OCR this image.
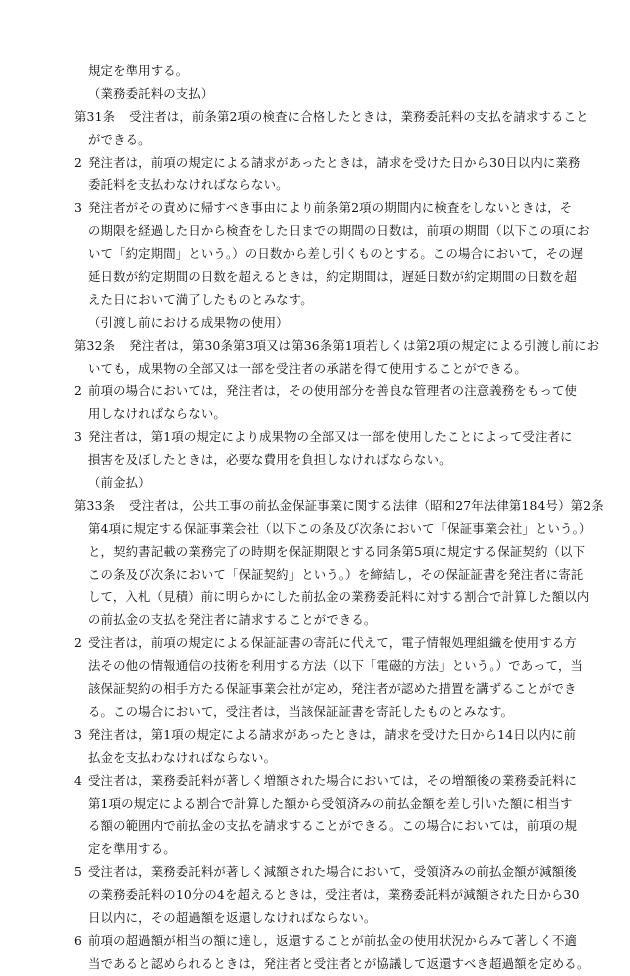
規定を準用する。
（業務委託料の支払）
第31条 受注者は，前条第2項の検査に合格したときは，業務委託料の支払を請求すること
ができる。
2 発注者は，前項の規定による請求があったときは，請求を受けた日から30日以内に業務
委託料を支払わなければならない。
3 発注者がその責めに帰すべき事由により前条第2項の期間内に検査をしないときは，そ
の期限を経過した日から検査をした日までの期間の日数は，前項の期間（以下この項にお
いて「約定期間」という。）の日数から差し引くものとする。この場合において，その遅
延日数が約定期間の日数を超えるときは，約定期間は，遅延日数が約定期間の日数を超
えた日において満了したものとみなす。
（引渡し前における成果物の使用）
第32条 発注者は，第30条第3項又は第36条第1項若しくは第2項の規定による引渡し前にお
いても，成果物の全部又は一部を受注者の承諾を得て使用することができる。
2 前項の場合においては，発注者は，その使用部分を善良な管理者の注意義務をもって使
用しなければならない。
3 発注者は，第1項の規定により成果物の全部又は一部を使用したことによって受注者に
損害を及ぼしたときは，必要な費用を負担しなければならない。
（前金払）
第33条 受注者は，公共工事の前払金保証事業に関する法律（昭和27年法律第184号）第2条
第4項に規定する保証事業会社（以下この条及び次条において「保証事業会社」という。）
と，契約書記載の業務完了の時期を保証期限とする同条第5項に規定する保証契約（以下
この条及び次条において「保証契約」という。）を締結し，その保証証書を発注者に寄託
して，入札（見積）前に明らかにした前払金の業務委託料に対する割合で計算した額以内
の前払金の支払を発注者に請求することができる。
2 受注者は，前項の規定による保証証書の寄託に代えて，電子情報処理組織を使用する方
法その他の情報通信の技術を利用する方法（以下「電磁的方法」という。）であって，当
該保証契約の相手方たる保証事業会社が定め，発注者が認めた措置を講ずることができ
る。この場合において，受注者は，当該保証証書を寄託したものとみなす。
3 発注者は，第1項の規定による請求があったときは，請求を受けた日から14日以内に前
払金を支払わなければならない。
4 受注者は，業務委託料が著しく増額された場合においては，その増額後の業務委託料に
第1項の規定による割合で計算した額から受領済みの前払金額を差し引いた額に相当す
る額の範囲内で前払金の支払を請求することができる。この場合においては，前項の規
定を準用する。
5 受注者は，業務委託料が著しく減額された場合において，受領済みの前払金額が減額後
の業務委託料の10分の4を超えるときは，受注者は，業務委託料が減額された日から30
日以内に，その超過額を返還しなければならない。
6 前項の超過額が相当の額に達し，返還することが前払金の使用状況からみて著しく不適
当であると認められるときは，発注者と受注者とが協議して返還すべき超過額を定める。
